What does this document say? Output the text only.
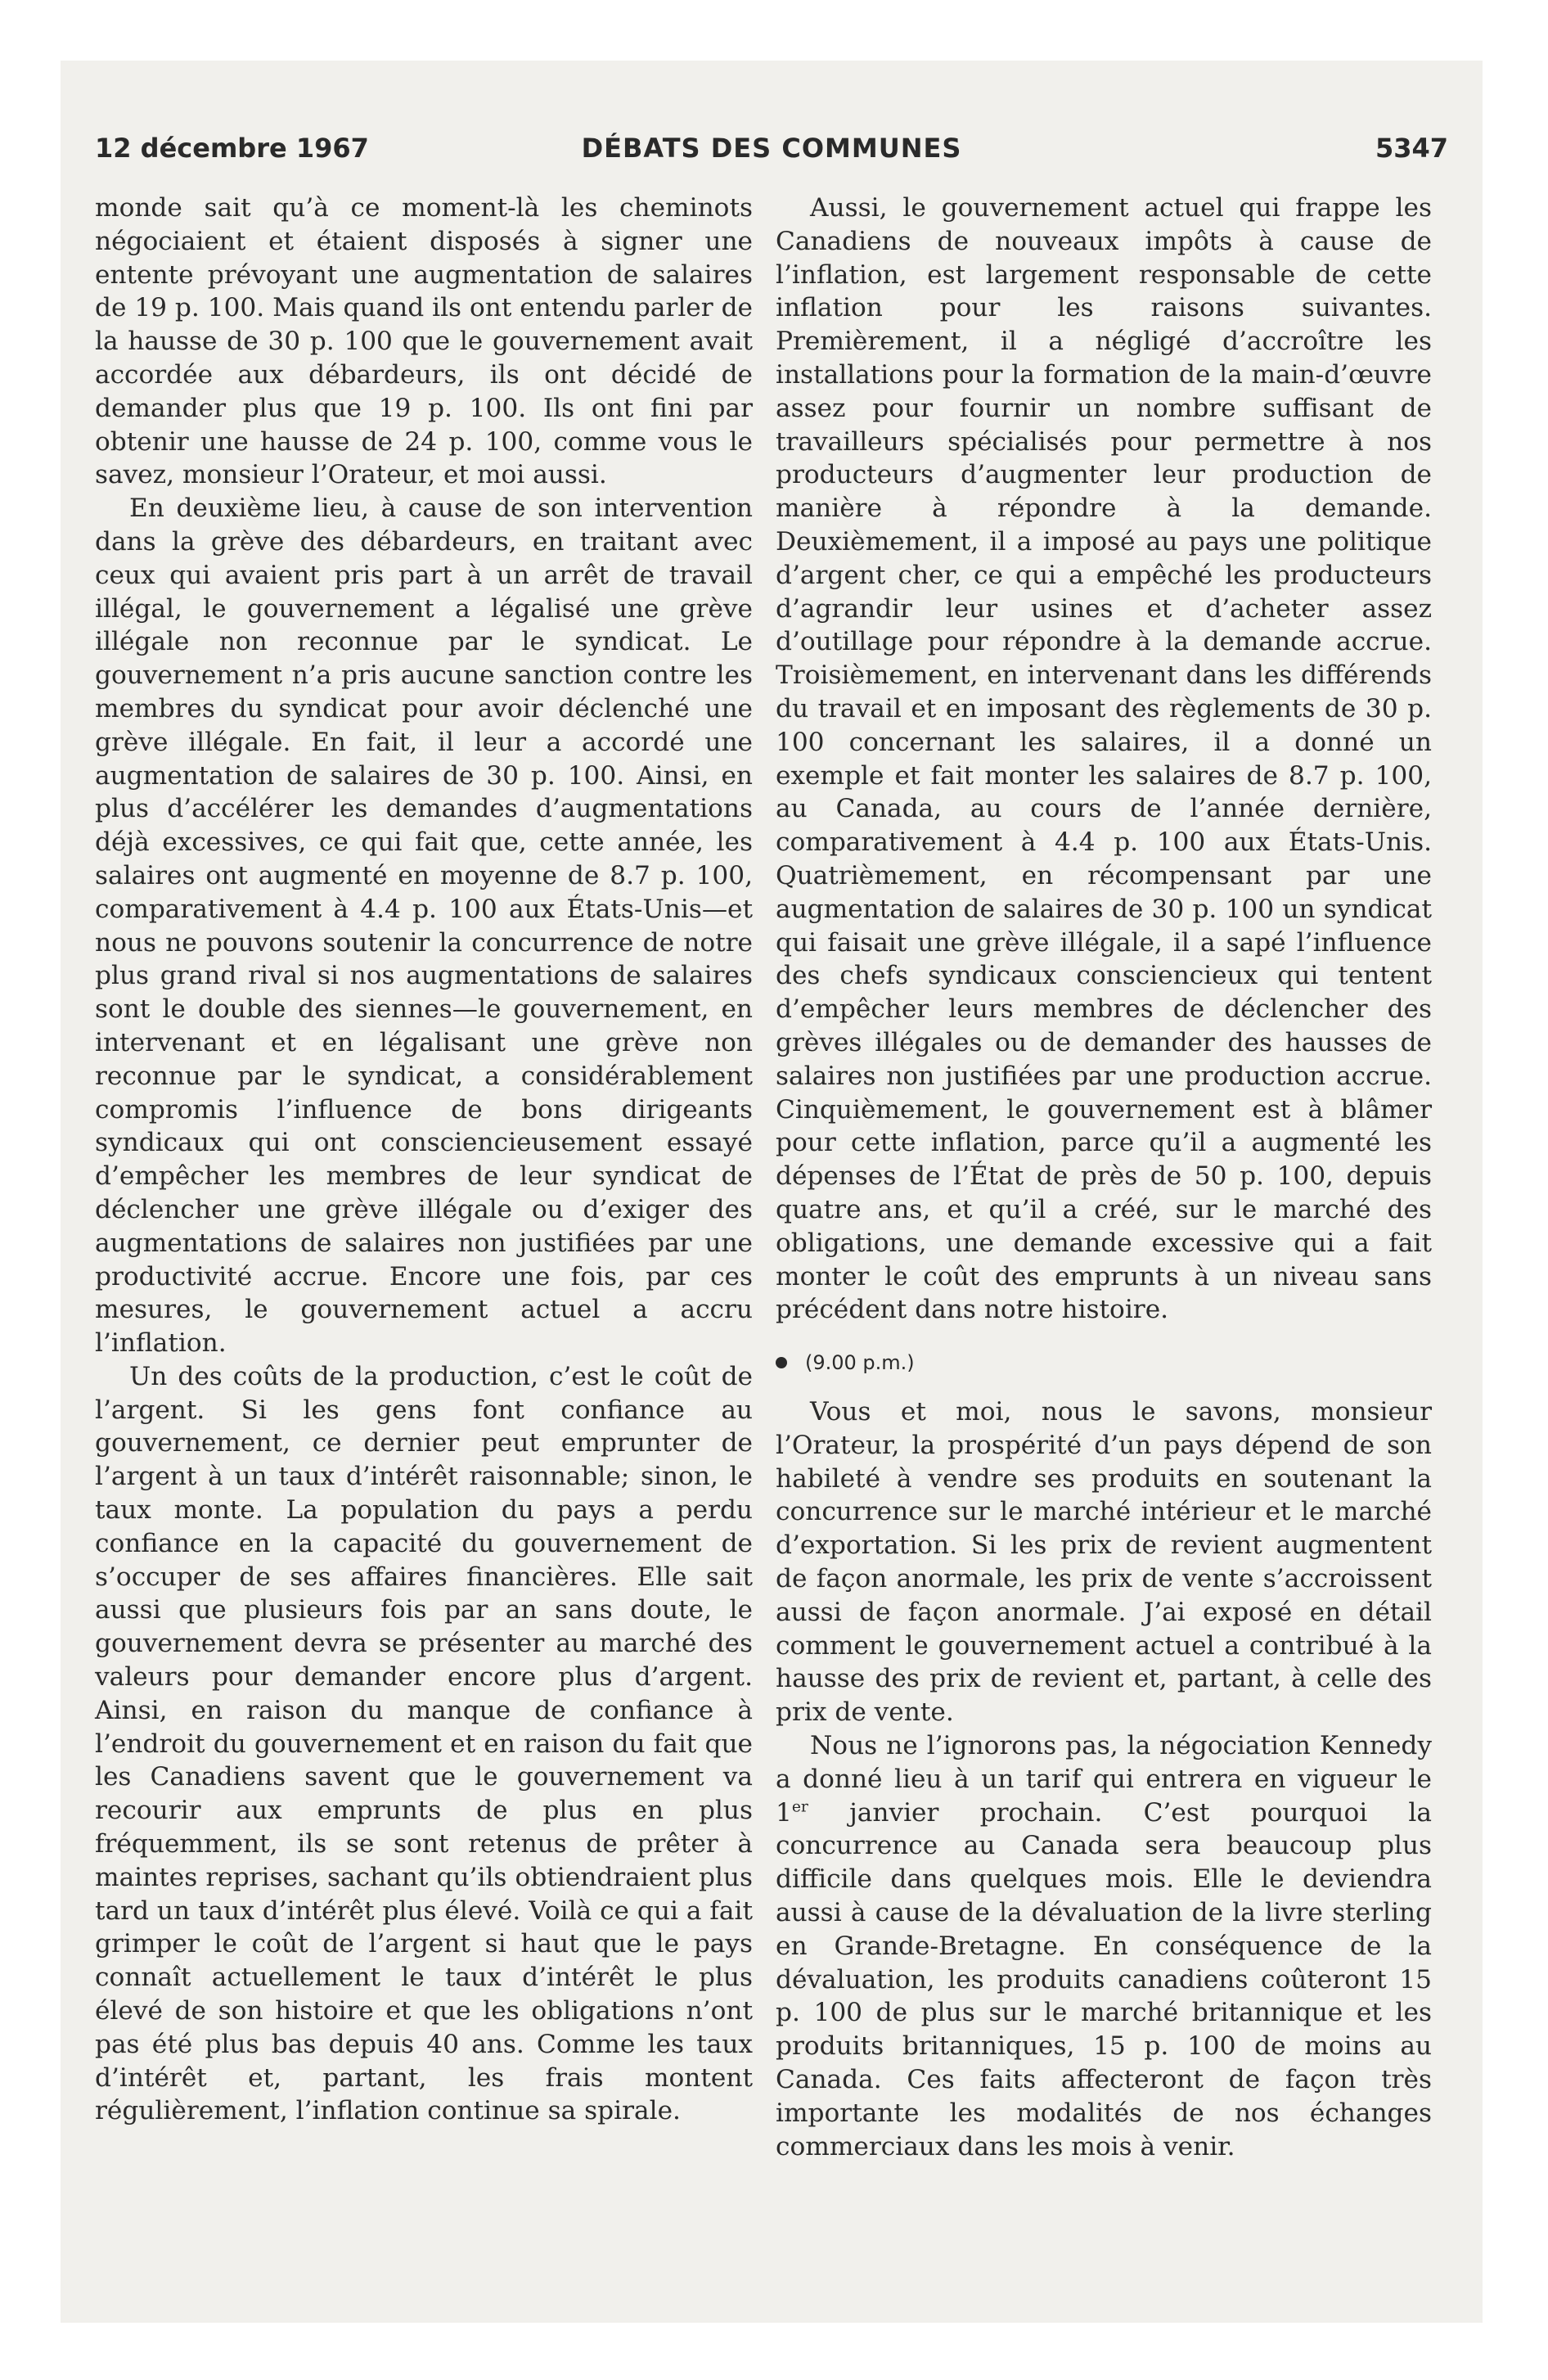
12 décembre 1967	DÉBATS DES COMMUNES	5347

monde sait qu’à ce moment-là les cheminots négociaient et étaient disposés à signer une entente prévoyant une augmentation de salaires de 19 p. 100. Mais quand ils ont entendu parler de la hausse de 30 p. 100 que le gouvernement avait accordée aux débardeurs, ils ont décidé de demander plus que 19 p. 100. Ils ont fini par obtenir une hausse de 24 p. 100, comme vous le savez, monsieur l’Orateur, et moi aussi.

En deuxième lieu, à cause de son intervention dans la grève des débardeurs, en traitant avec ceux qui avaient pris part à un arrêt de travail illégal, le gouvernement a légalisé une grève illégale non reconnue par le syndicat. Le gouvernement n’a pris aucune sanction contre les membres du syndicat pour avoir déclenché une grève illégale. En fait, il leur a accordé une augmentation de salaires de 30 p. 100. Ainsi, en plus d’accélérer les demandes d’augmentations déjà excessives, ce qui fait que, cette année, les salaires ont augmenté en moyenne de 8.7 p. 100, comparativement à 4.4 p. 100 aux États-Unis—et nous ne pouvons soutenir la concurrence de notre plus grand rival si nos augmentations de salaires sont le double des siennes—le gouvernement, en intervenant et en légalisant une grève non reconnue par le syndicat, a considérablement compromis l’influence de bons dirigeants syndicaux qui ont consciencieusement essayé d’empêcher les membres de leur syndicat de déclencher une grève illégale ou d’exiger des augmentations de salaires non justifiées par une productivité accrue. Encore une fois, par ces mesures, le gouvernement actuel a accru l’inflation.

Un des coûts de la production, c’est le coût de l’argent. Si les gens font confiance au gouvernement, ce dernier peut emprunter de l’argent à un taux d’intérêt raisonnable; sinon, le taux monte. La population du pays a perdu confiance en la capacité du gouvernement de s’occuper de ses affaires financières. Elle sait aussi que plusieurs fois par an sans doute, le gouvernement devra se présenter au marché des valeurs pour demander encore plus d’argent. Ainsi, en raison du manque de confiance à l’endroit du gouvernement et en raison du fait que les Canadiens savent que le gouvernement va recourir aux emprunts de plus en plus fréquemment, ils se sont retenus de prêter à maintes reprises, sachant qu’ils obtiendraient plus tard un taux d’intérêt plus élevé. Voilà ce qui a fait grimper le coût de l’argent si haut que le pays connaît actuellement le taux d’intérêt le plus élevé de son histoire et que les obligations n’ont pas été plus bas depuis 40 ans. Comme les taux d’intérêt et, partant, les frais montent régulièrement, l’inflation continue sa spirale.

Aussi, le gouvernement actuel qui frappe les Canadiens de nouveaux impôts à cause de l’inflation, est largement responsable de cette inflation pour les raisons suivantes. Premièrement, il a négligé d’accroître les installations pour la formation de la main-d’œuvre assez pour fournir un nombre suffisant de travailleurs spécialisés pour permettre à nos producteurs d’augmenter leur production de manière à répondre à la demande. Deuxièmement, il a imposé au pays une politique d’argent cher, ce qui a empêché les producteurs d’agrandir leur usines et d’acheter assez d’outillage pour répondre à la demande accrue. Troisièmement, en intervenant dans les différends du travail et en imposant des règlements de 30 p. 100 concernant les salaires, il a donné un exemple et fait monter les salaires de 8.7 p. 100, au Canada, au cours de l’année dernière, comparativement à 4.4 p. 100 aux États-Unis. Quatrièmement, en récompensant par une augmentation de salaires de 30 p. 100 un syndicat qui faisait une grève illégale, il a sapé l’influence des chefs syndicaux consciencieux qui tentent d’empêcher leurs membres de déclencher des grèves illégales ou de demander des hausses de salaires non justifiées par une production accrue. Cinquièmement, le gouvernement est à blâmer pour cette inflation, parce qu’il a augmenté les dépenses de l’État de près de 50 p. 100, depuis quatre ans, et qu’il a créé, sur le marché des obligations, une demande excessive qui a fait monter le coût des emprunts à un niveau sans précédent dans notre histoire.

(9.00 p.m.)

Vous et moi, nous le savons, monsieur l’Orateur, la prospérité d’un pays dépend de son habileté à vendre ses produits en soutenant la concurrence sur le marché intérieur et le marché d’exportation. Si les prix de revient augmentent de façon anormale, les prix de vente s’accroissent aussi de façon anormale. J’ai exposé en détail comment le gouvernement actuel a contribué à la hausse des prix de revient et, partant, à celle des prix de vente.

Nous ne l’ignorons pas, la négociation Kennedy a donné lieu à un tarif qui entrera en vigueur le 1er janvier prochain. C’est pourquoi la concurrence au Canada sera beaucoup plus difficile dans quelques mois. Elle le deviendra aussi à cause de la dévaluation de la livre sterling en Grande-Bretagne. En conséquence de la dévaluation, les produits canadiens coûteront 15 p. 100 de plus sur le marché britannique et les produits britanniques, 15 p. 100 de moins au Canada. Ces faits affecteront de façon très importante les modalités de nos échanges commerciaux dans les mois à venir.
